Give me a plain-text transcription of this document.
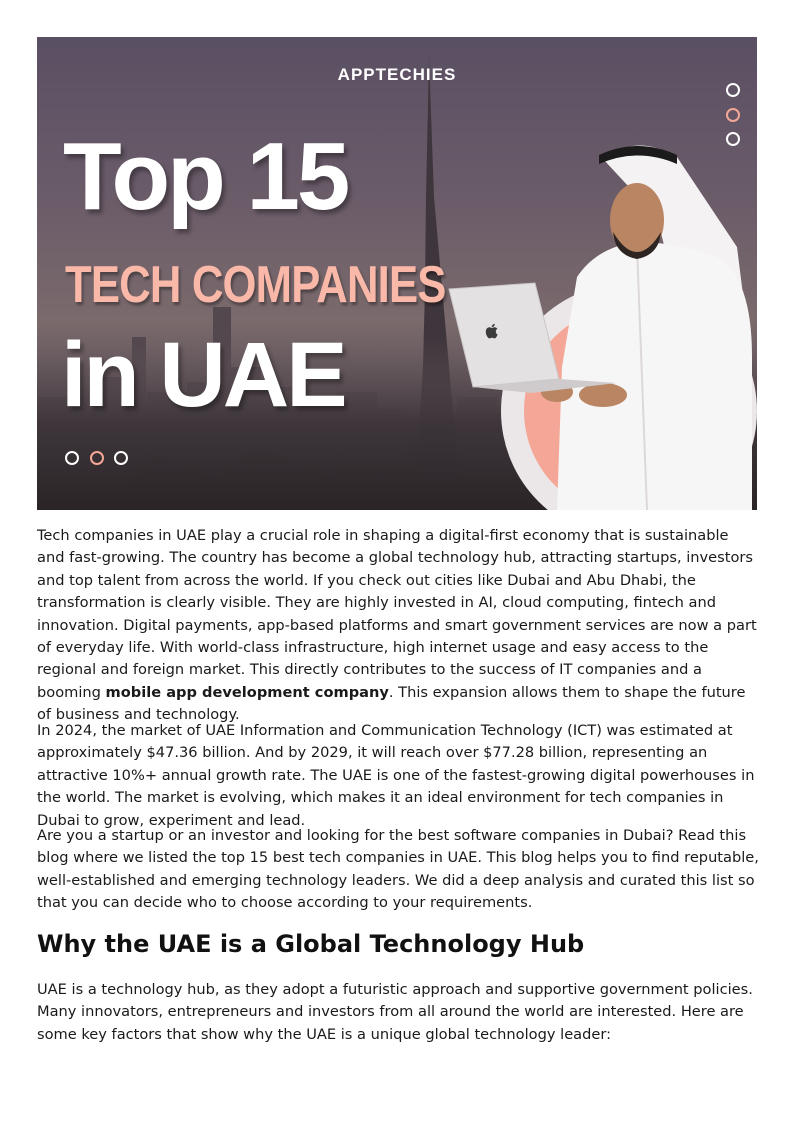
APPTECHIES
Top 15
TECH COMPANIES
in UAE

Tech companies in UAE play a crucial role in shaping a digital-first economy that is sustainable and fast-growing. The country has become a global technology hub, attracting startups, investors and top talent from across the world. If you check out cities like Dubai and Abu Dhabi, the transformation is clearly visible. They are highly invested in AI, cloud computing, fintech and innovation. Digital payments, app-based platforms and smart government services are now a part of everyday life. With world-class infrastructure, high internet usage and easy access to the regional and foreign market. This directly contributes to the success of IT companies and a booming mobile app development company. This expansion allows them to shape the future of business and technology.

In 2024, the market of UAE Information and Communication Technology (ICT) was estimated at approximately $47.36 billion. And by 2029, it will reach over $77.28 billion, representing an attractive 10%+ annual growth rate. The UAE is one of the fastest-growing digital powerhouses in the world. The market is evolving, which makes it an ideal environment for tech companies in Dubai to grow, experiment and lead.

Are you a startup or an investor and looking for the best software companies in Dubai? Read this blog where we listed the top 15 best tech companies in UAE. This blog helps you to find reputable, well-established and emerging technology leaders. We did a deep analysis and curated this list so that you can decide who to choose according to your requirements.

Why the UAE is a Global Technology Hub

UAE is a technology hub, as they adopt a futuristic approach and supportive government policies. Many innovators, entrepreneurs and investors from all around the world are interested. Here are some key factors that show why the UAE is a unique global technology leader:
